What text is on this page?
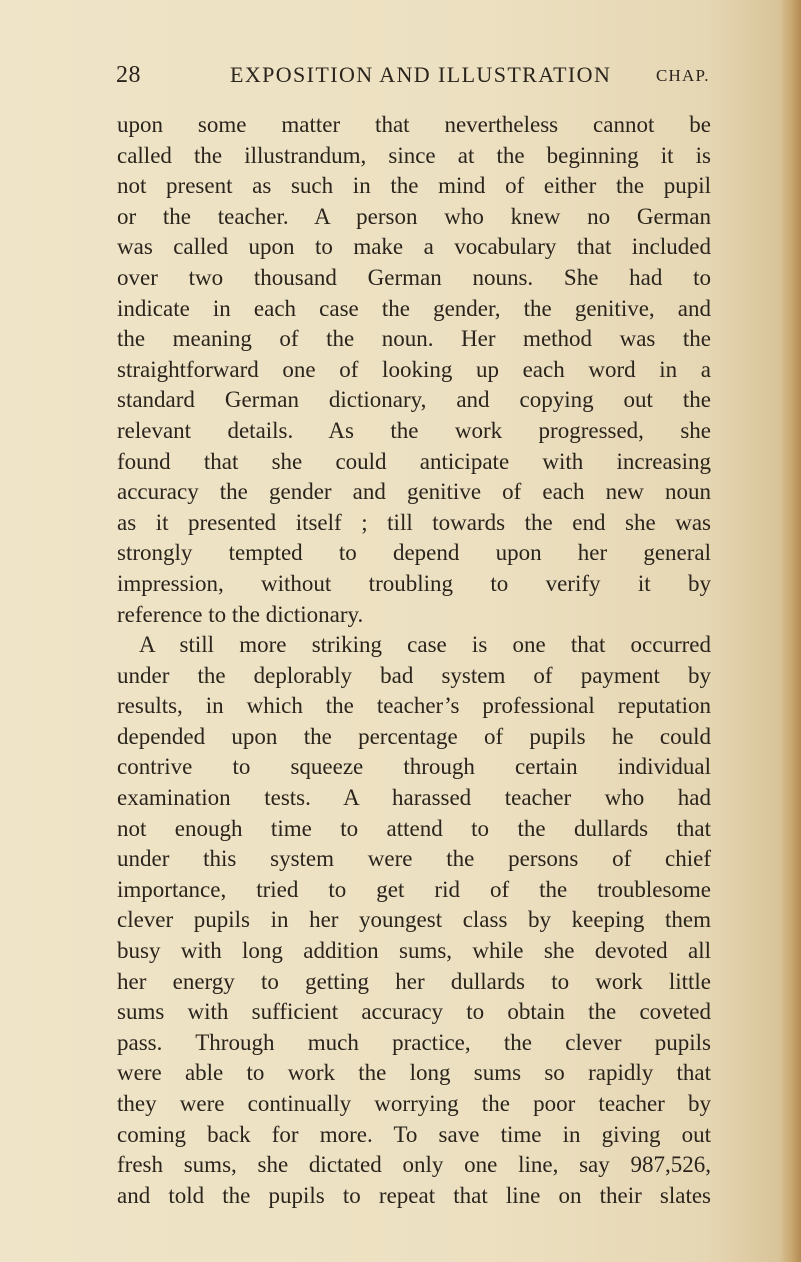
28	EXPOSITION AND ILLUSTRATION	CHAP.
upon some matter that nevertheless cannot be
called the illustrandum, since at the beginning it is
not present as such in the mind of either the pupil
or the teacher. A person who knew no German
was called upon to make a vocabulary that included
over two thousand German nouns. She had to
indicate in each case the gender, the genitive, and
the meaning of the noun. Her method was the
straightforward one of looking up each word in a
standard German dictionary, and copying out the
relevant details. As the work progressed, she
found that she could anticipate with increasing
accuracy the gender and genitive of each new noun
as it presented itself ; till towards the end she was
strongly tempted to depend upon her general
impression, without troubling to verify it by
reference to the dictionary.
A still more striking case is one that occurred
under the deplorably bad system of payment by
results, in which the teacher’s professional reputation
depended upon the percentage of pupils he could
contrive to squeeze through certain individual
examination tests. A harassed teacher who had
not enough time to attend to the dullards that
under this system were the persons of chief
importance, tried to get rid of the troublesome
clever pupils in her youngest class by keeping them
busy with long addition sums, while she devoted all
her energy to getting her dullards to work little
sums with sufficient accuracy to obtain the coveted
pass. Through much practice, the clever pupils
were able to work the long sums so rapidly that
they were continually worrying the poor teacher by
coming back for more. To save time in giving out
fresh sums, she dictated only one line, say 987,526,
and told the pupils to repeat that line on their slates
